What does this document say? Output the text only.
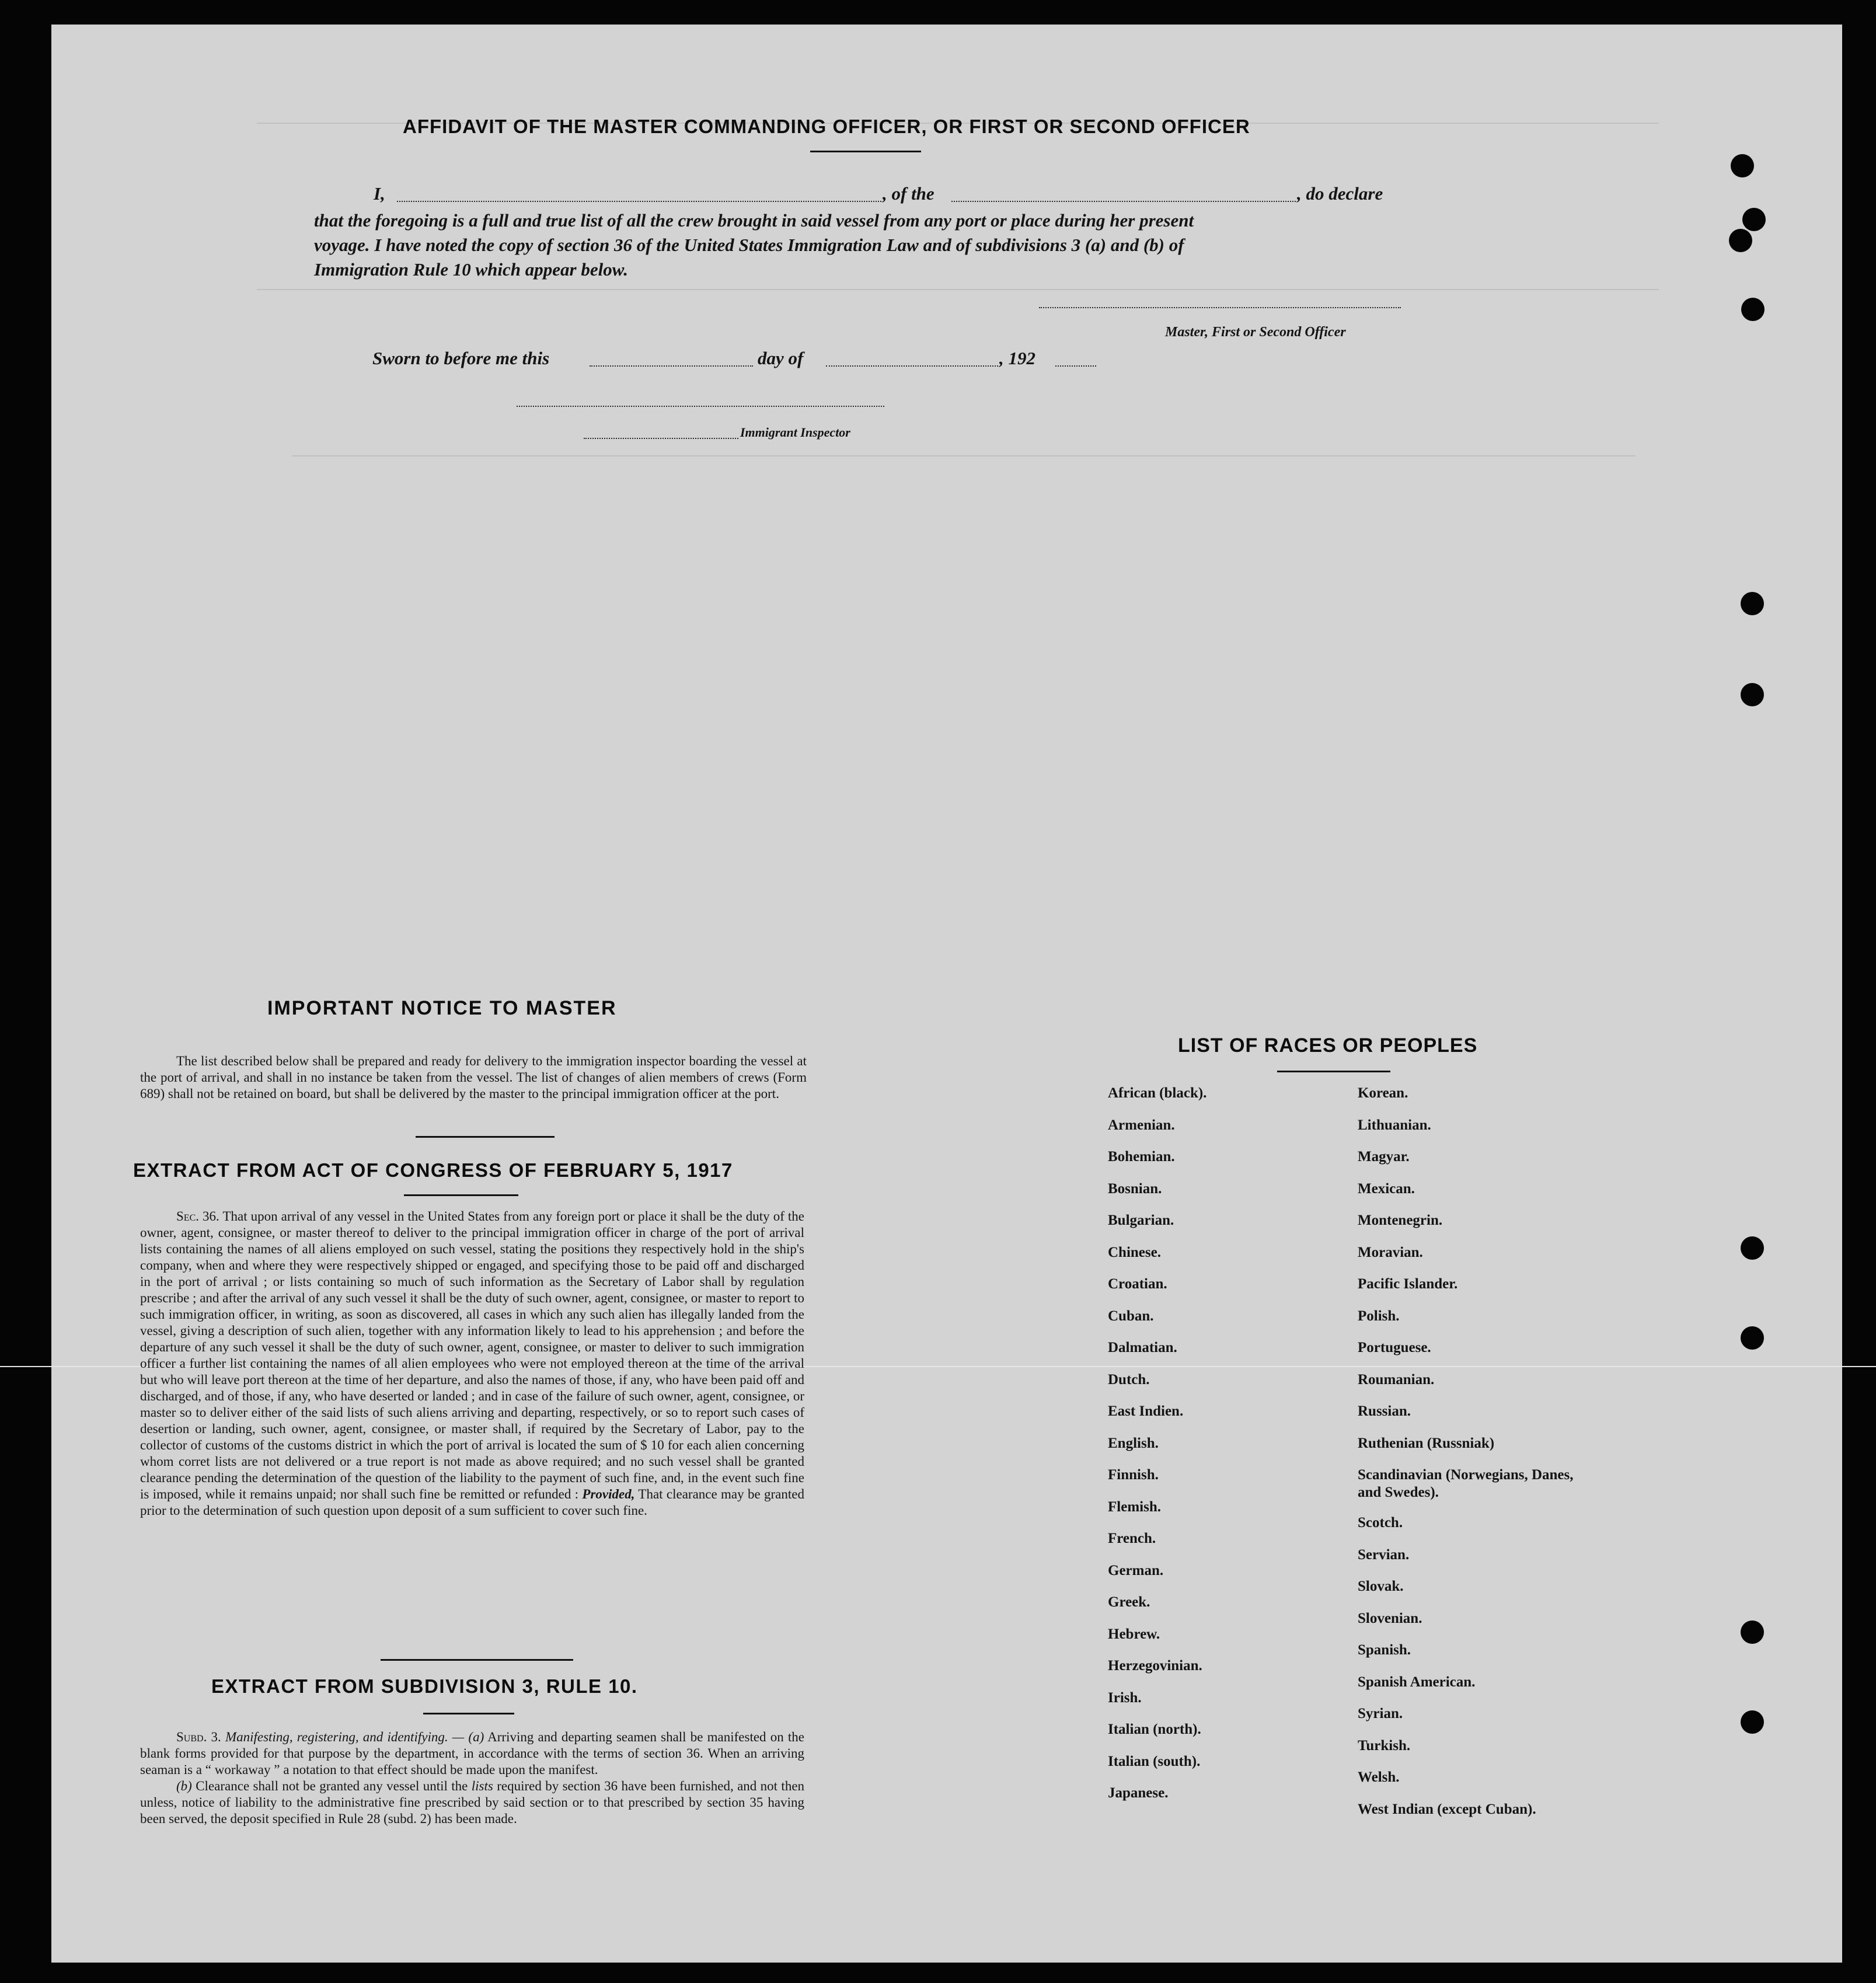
AFFIDAVIT OF THE MASTER COMMANDING OFFICER, OR FIRST OR SECOND OFFICER
I,	, of the	, do declare
that the foregoing is a full and true list of all the crew brought in said vessel from any port or place during her present
voyage. I have noted the copy of section 36 of the United States Immigration Law and of subdivisions 3 (a) and (b) of
Immigration Rule 10 which appear below.
Master, First or Second Officer
Sworn to before me this	day of	, 192
Immigrant Inspector
IMPORTANT NOTICE TO MASTER

The list described below shall be prepared and ready for delivery to the immigration inspector boarding the vessel at the port of arrival, and shall in no instance be taken from the vessel. The list of changes of alien members of crews (Form 689) shall not be retained on board, but shall be delivered by the master to the principal immigration officer at the port.

EXTRACT FROM ACT OF CONGRESS OF FEBRUARY 5, 1917

Sec. 36. That upon arrival of any vessel in the United States from any foreign port or place it shall be the duty of the owner, agent, consignee, or master thereof to deliver to the principal immigration officer in charge of the port of arrival lists containing the names of all aliens employed on such vessel, stating the positions they respectively hold in the ship's company, when and where they were respectively shipped or engaged, and specifying those to be paid off and discharged in the port of arrival ; or lists containing so much of such information as the Secretary of Labor shall by regulation prescribe ; and after the arrival of any such vessel it shall be the duty of such owner, agent, consignee, or master to report to such immigration officer, in writing, as soon as discovered, all cases in which any such alien has illegally landed from the vessel, giving a description of such alien, together with any information likely to lead to his apprehension ; and before the departure of any such vessel it shall be the duty of such owner, agent, consignee, or master to deliver to such immigration officer a further list containing the names of all alien employees who were not employed thereon at the time of the arrival but who will leave port thereon at the time of her departure, and also the names of those, if any, who have been paid off and discharged, and of those, if any, who have deserted or landed ; and in case of the failure of such owner, agent, consignee, or master so to deliver either of the said lists of such aliens arriving and departing, respectively, or so to report such cases of desertion or landing, such owner, agent, consignee, or master shall, if required by the Secretary of Labor, pay to the collector of customs of the customs district in which the port of arrival is located the sum of $ 10 for each alien concerning whom corret lists are not delivered or a true report is not made as above required; and no such vessel shall be granted clearance pending the determination of the question of the liability to the payment of such fine, and, in the event such fine is imposed, while it remains unpaid; nor shall such fine be remitted or refunded : Provided, That clearance may be granted prior to the determination of such question upon deposit of a sum sufficient to cover such fine.

EXTRACT FROM SUBDIVISION 3, RULE 10.

Subd. 3. Manifesting, registering, and identifying. — (a) Arriving and departing seamen shall be manifested on the blank forms provided for that purpose by the department, in accordance with the terms of section 36. When an arriving seaman is a “ workaway ” a notation to that effect should be made upon the manifest.

(b) Clearance shall not be granted any vessel until the lists required by section 36 have been furnished, and not then unless, notice of liability to the administrative fine prescribed by said section or to that prescribed by section 35 having been served, the deposit specified in Rule 28 (subd. 2) has been made.

LIST OF RACES OR PEOPLES
African (black).
Armenian.
Bohemian.
Bosnian.
Bulgarian.
Chinese.
Croatian.
Cuban.
Dalmatian.
Dutch.
East Indien.
English.
Finnish.
Flemish.
French.
German.
Greek.
Hebrew.
Herzegovinian.
Irish.
Italian (north).
Italian (south).
Japanese.
Korean.
Lithuanian.
Magyar.
Mexican.
Montenegrin.
Moravian.
Pacific Islander.
Polish.
Portuguese.
Roumanian.
Russian.
Ruthenian (Russniak)
Scandinavian (Norwegians, Danes, and Swedes).
Scotch.
Servian.
Slovak.
Slovenian.
Spanish.
Spanish American.
Syrian.
Turkish.
Welsh.
West Indian (except Cuban).
